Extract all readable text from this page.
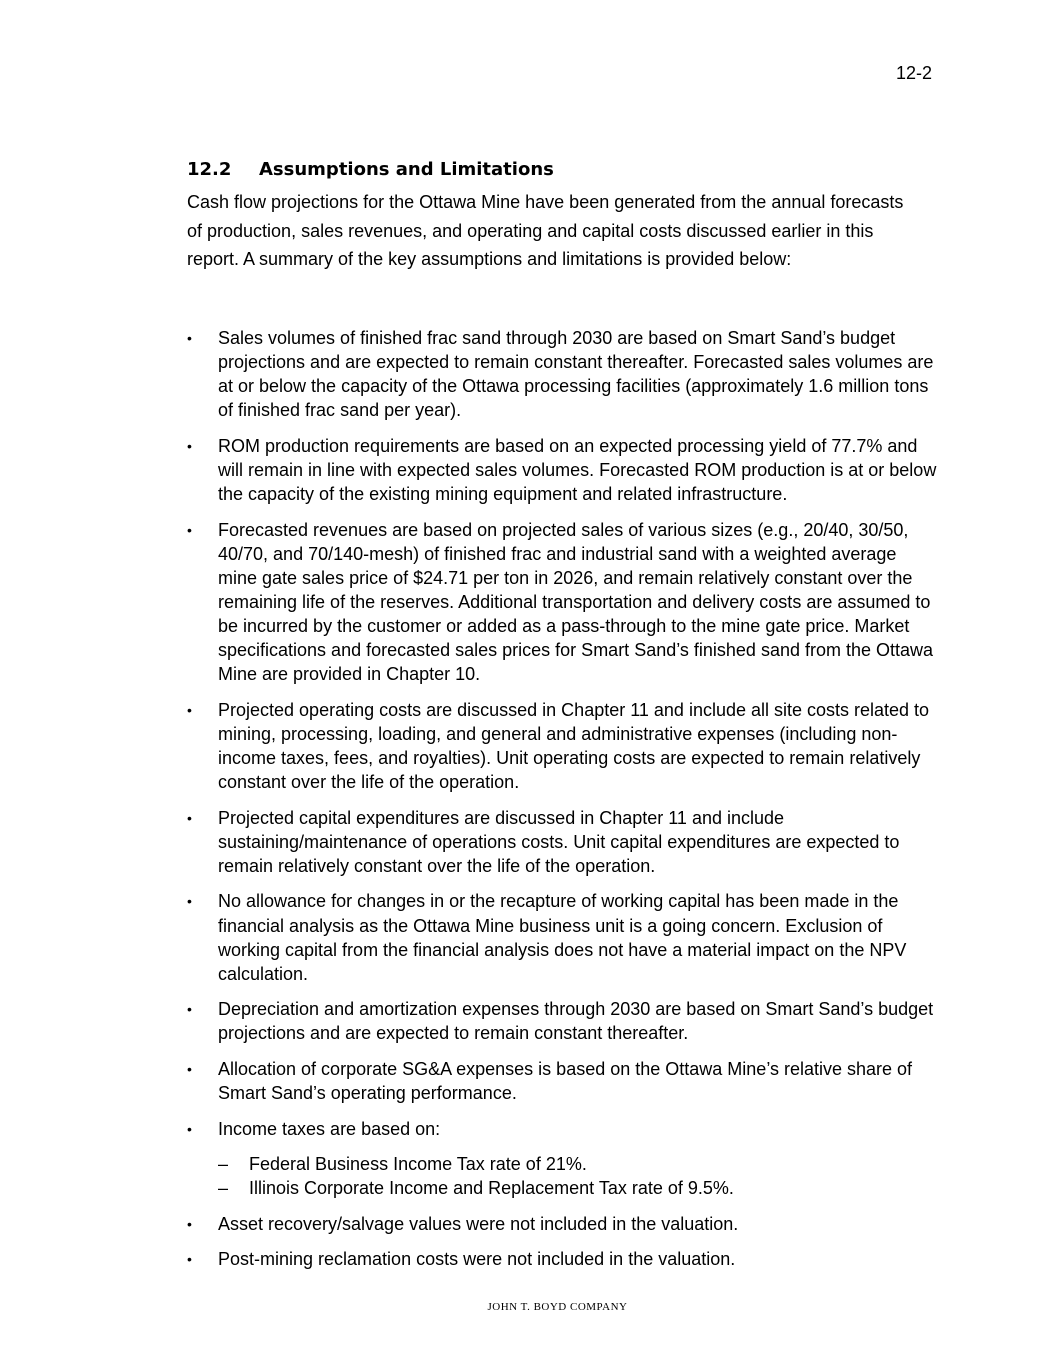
12-2
12.2 Assumptions and Limitations

Cash flow projections for the Ottawa Mine have been generated from the annual forecasts of production, sales revenues, and operating and capital costs discussed earlier in this report. A summary of the key assumptions and limitations is provided below:

• Sales volumes of finished frac sand through 2030 are based on Smart Sand’s budget projections and are expected to remain constant thereafter. Forecasted sales volumes are at or below the capacity of the Ottawa processing facilities (approximately 1.6 million tons of finished frac sand per year).
• ROM production requirements are based on an expected processing yield of 77.7% and will remain in line with expected sales volumes. Forecasted ROM production is at or below the capacity of the existing mining equipment and related infrastructure.
• Forecasted revenues are based on projected sales of various sizes (e.g., 20/40, 30/50, 40/70, and 70/140-mesh) of finished frac and industrial sand with a weighted average mine gate sales price of $24.71 per ton in 2026, and remain relatively constant over the remaining life of the reserves. Additional transportation and delivery costs are assumed to be incurred by the customer or added as a pass-through to the mine gate price. Market specifications and forecasted sales prices for Smart Sand’s finished sand from the Ottawa Mine are provided in Chapter 10.
• Projected operating costs are discussed in Chapter 11 and include all site costs related to mining, processing, loading, and general and administrative expenses (including non-income taxes, fees, and royalties). Unit operating costs are expected to remain relatively constant over the life of the operation.
• Projected capital expenditures are discussed in Chapter 11 and include sustaining/maintenance of operations costs. Unit capital expenditures are expected to remain relatively constant over the life of the operation.
• No allowance for changes in or the recapture of working capital has been made in the financial analysis as the Ottawa Mine business unit is a going concern. Exclusion of working capital from the financial analysis does not have a material impact on the NPV calculation.
• Depreciation and amortization expenses through 2030 are based on Smart Sand’s budget projections and are expected to remain constant thereafter.
• Allocation of corporate SG&A expenses is based on the Ottawa Mine’s relative share of Smart Sand’s operating performance.
• Income taxes are based on:
– Federal Business Income Tax rate of 21%.
– Illinois Corporate Income and Replacement Tax rate of 9.5%.
• Asset recovery/salvage values were not included in the valuation.
• Post-mining reclamation costs were not included in the valuation.
JOHN T. BOYD COMPANY
